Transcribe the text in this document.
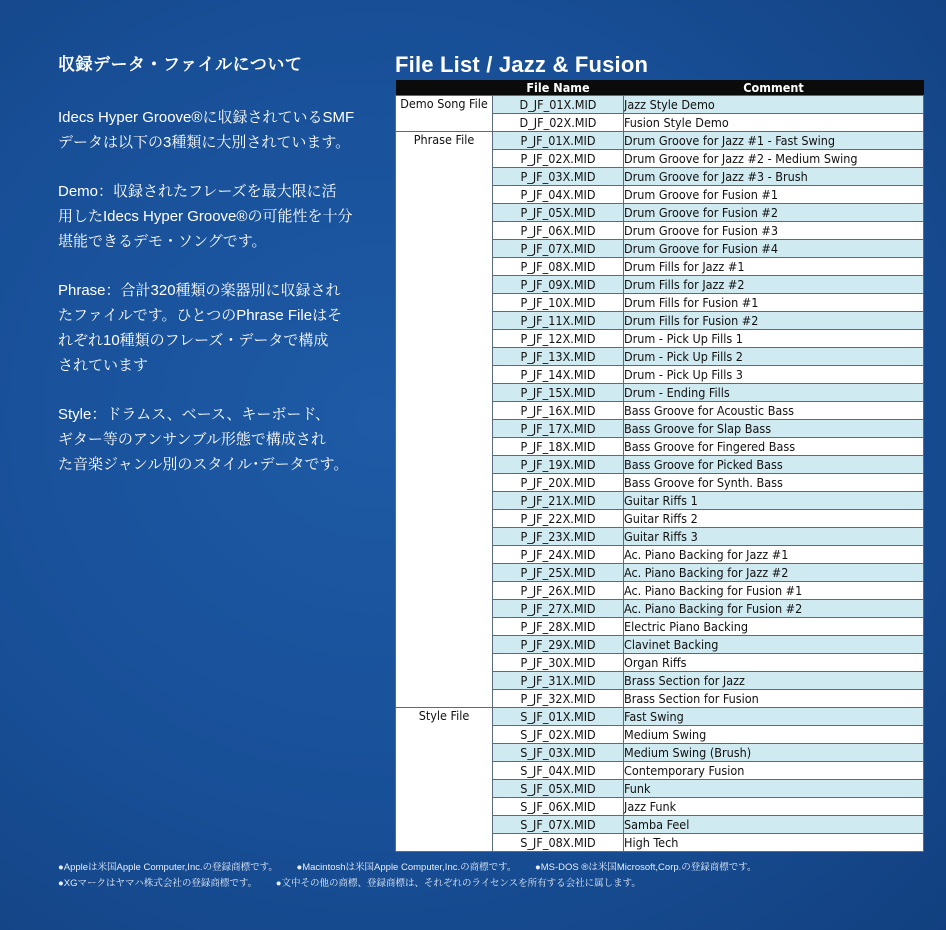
収録データ・ファイルについて

Idecs Hyper Groove®に収録されているSMF

データは以下の3種類に大別されています。

Demo：収録されたフレーズを最大限に活

用したIdecs Hyper Groove®の可能性を十分

堪能できるデモ・ソングです。

Phrase：合計320種類の楽器別に収録され

たファイルです。ひとつのPhrase Fileはそ

れぞれ10種類のフレーズ・データで構成

されています

Style：ドラムス、ベース、キーボード、

ギター等のアンサンブル形態で構成され

た音楽ジャンル別のスタイル･データです。

File List / Jazz & Fusion
	File Name	Comment
Demo Song File	D_JF_01X.MID	Jazz Style Demo
	D_JF_02X.MID	Fusion Style Demo
Phrase File	P_JF_01X.MID	Drum Groove for Jazz #1 - Fast Swing
	P_JF_02X.MID	Drum Groove for Jazz #2 - Medium Swing
	P_JF_03X.MID	Drum Groove for Jazz #3 - Brush
	P_JF_04X.MID	Drum Groove for Fusion #1
	P_JF_05X.MID	Drum Groove for Fusion #2
	P_JF_06X.MID	Drum Groove for Fusion #3
	P_JF_07X.MID	Drum Groove for Fusion #4
	P_JF_08X.MID	Drum Fills for Jazz #1
	P_JF_09X.MID	Drum Fills for Jazz #2
	P_JF_10X.MID	Drum Fills for Fusion #1
	P_JF_11X.MID	Drum Fills for Fusion #2
	P_JF_12X.MID	Drum - Pick Up Fills 1
	P_JF_13X.MID	Drum - Pick Up Fills 2
	P_JF_14X.MID	Drum - Pick Up Fills 3
	P_JF_15X.MID	Drum - Ending Fills
	P_JF_16X.MID	Bass Groove for Acoustic Bass
	P_JF_17X.MID	Bass Groove for Slap Bass
	P_JF_18X.MID	Bass Groove for Fingered Bass
	P_JF_19X.MID	Bass Groove for Picked Bass
	P_JF_20X.MID	Bass Groove for Synth. Bass
	P_JF_21X.MID	Guitar Riffs 1
	P_JF_22X.MID	Guitar Riffs 2
	P_JF_23X.MID	Guitar Riffs 3
	P_JF_24X.MID	Ac. Piano Backing for Jazz #1
	P_JF_25X.MID	Ac. Piano Backing for Jazz #2
	P_JF_26X.MID	Ac. Piano Backing for Fusion #1
	P_JF_27X.MID	Ac. Piano Backing for Fusion #2
	P_JF_28X.MID	Electric Piano Backing
	P_JF_29X.MID	Clavinet Backing
	P_JF_30X.MID	Organ Riffs
	P_JF_31X.MID	Brass Section for Jazz
	P_JF_32X.MID	Brass Section for Fusion
Style File	S_JF_01X.MID	Fast Swing
	S_JF_02X.MID	Medium Swing
	S_JF_03X.MID	Medium Swing (Brush)
	S_JF_04X.MID	Contemporary Fusion
	S_JF_05X.MID	Funk
	S_JF_06X.MID	Jazz Funk
	S_JF_07X.MID	Samba Feel
	S_JF_08X.MID	High Tech
●Appleは米国Apple Computer,Inc.の登録商標です。 ●Macintoshは米国Apple Computer,Inc.の商標です。 ●MS-DOS ®は米国Microsoft,Corp.の登録商標です。
●XGマークはヤマハ株式会社の登録商標です。 ●文中その他の商標、登録商標は、それぞれのライセンスを所有する会社に属します。
